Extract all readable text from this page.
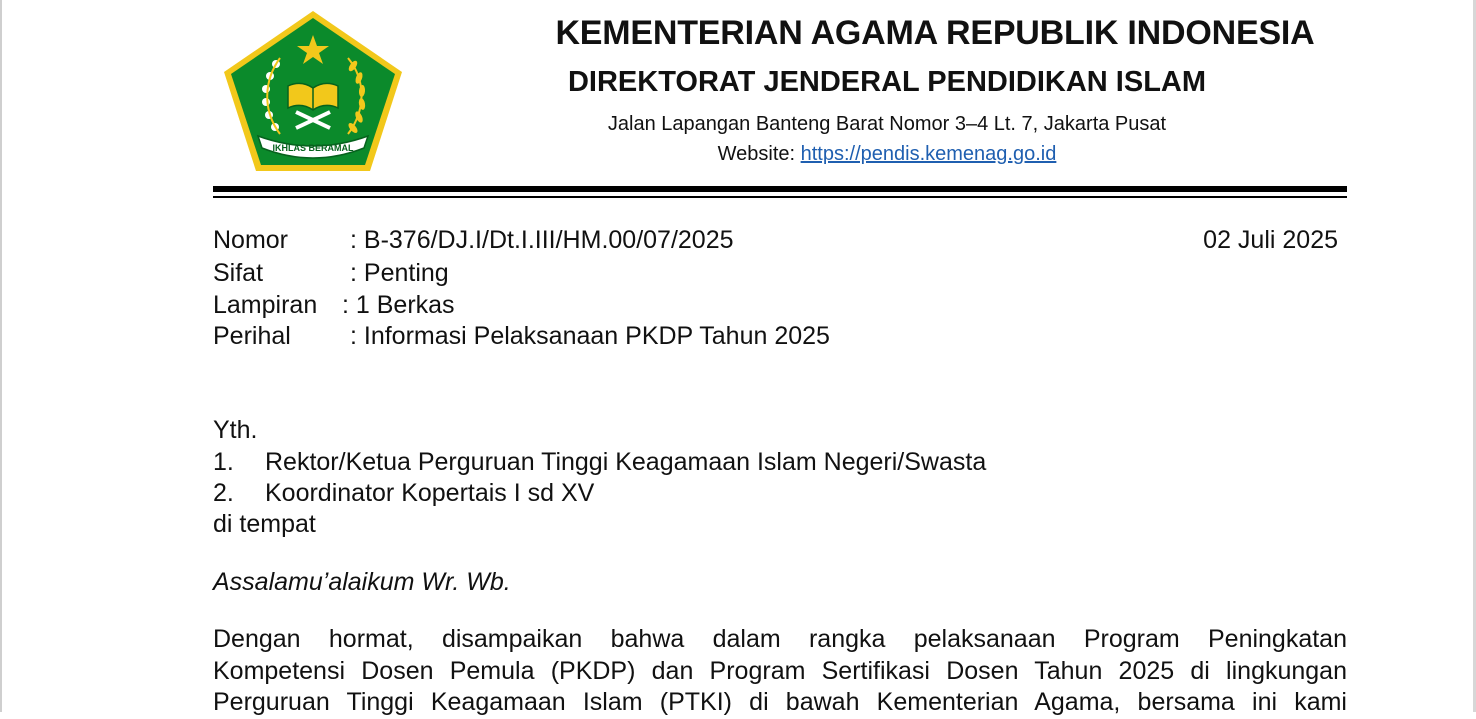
IKHLAS BERAMAL
KEMENTERIAN AGAMA REPUBLIK INDONESIA
DIREKTORAT JENDERAL PENDIDIKAN ISLAM
Jalan Lapangan Banteng Barat Nomor 3–4 Lt. 7, Jakarta Pusat
Website: https://pendis.kemenag.go.id
Nomor : B-376/DJ.I/Dt.I.III/HM.00/07/2025	02 Juli 2025
Sifat	: Penting
Lampiran : 1 Berkas
Perihal : Informasi Pelaksanaan PKDP Tahun 2025
Yth.
1. Rektor/Ketua Perguruan Tinggi Keagamaan Islam Negeri/Swasta
2. Koordinator Kopertais I sd XV
di tempat
Assalamu’alaikum Wr. Wb.
Dengan hormat, disampaikan bahwa dalam rangka pelaksanaan Program Peningkatan
Kompetensi Dosen Pemula (PKDP) dan Program Sertifikasi Dosen Tahun 2025 di lingkungan
Perguruan Tinggi Keagamaan Islam (PTKI) di bawah Kementerian Agama, bersama ini kami
